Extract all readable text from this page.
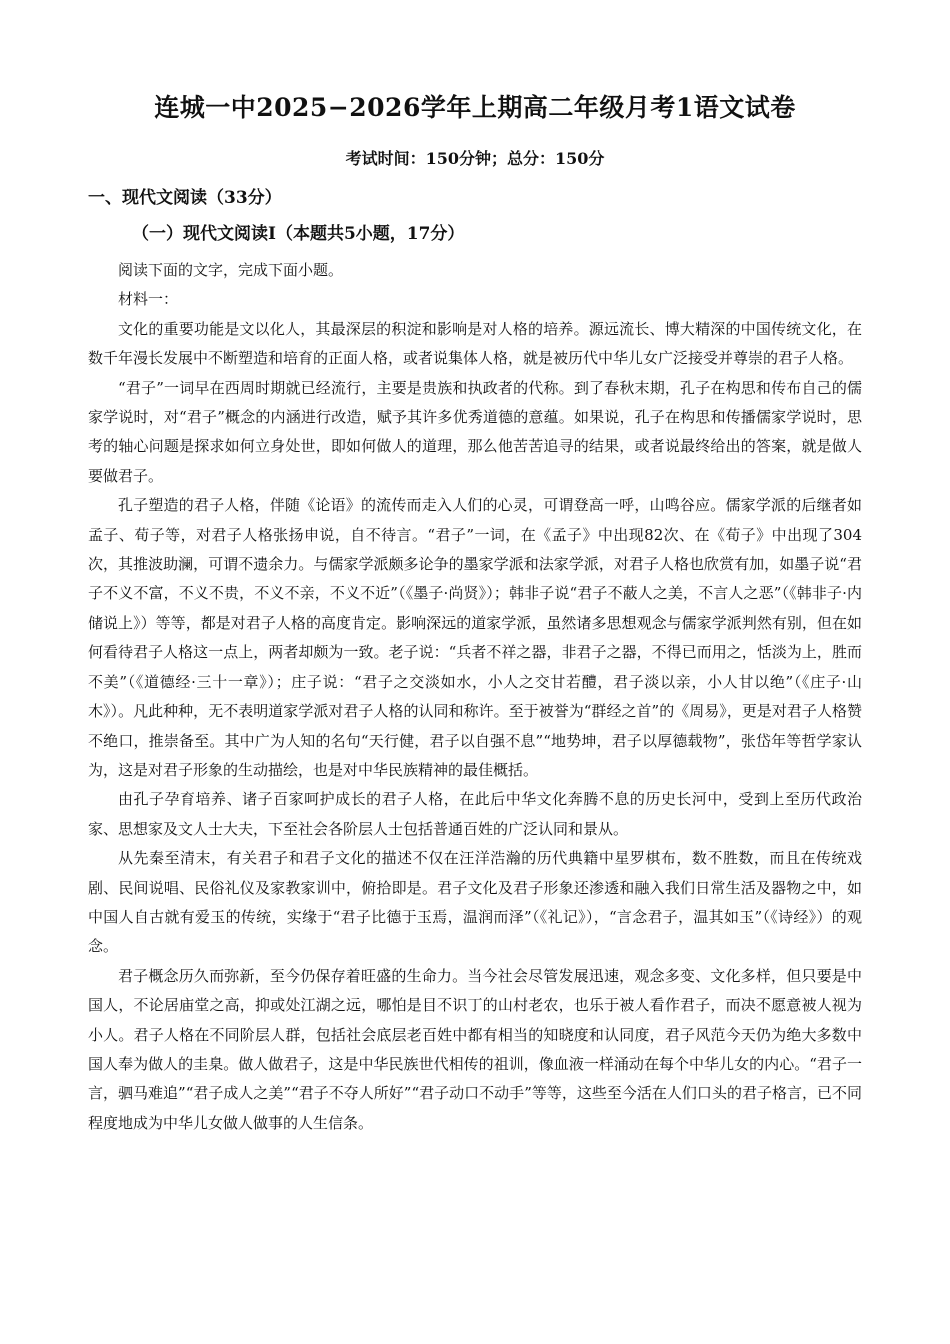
连城一中2025−2026学年上期高二年级月考1语文试卷
考试时间：150分钟；总分：150分
一、现代文阅读（33分）
（一）现代文阅读I（本题共5小题，17分）

阅读下面的文字，完成下面小题。

材料一：

文化的重要功能是文以化人，其最深层的积淀和影响是对人格的培养。源远流长、博大精深的中国传统文化，在数千年漫长发展中不断塑造和培育的正面人格，或者说集体人格，就是被历代中华儿女广泛接受并尊崇的君子人格。

“君子”一词早在西周时期就已经流行，主要是贵族和执政者的代称。到了春秋末期，孔子在构思和传布自己的儒家学说时，对“君子”概念的内涵进行改造，赋予其许多优秀道德的意蕴。如果说，孔子在构思和传播儒家学说时，思考的轴心问题是探求如何立身处世，即如何做人的道理，那么他苦苦追寻的结果，或者说最终给出的答案，就是做人要做君子。

孔子塑造的君子人格，伴随《论语》的流传而走入人们的心灵，可谓登高一呼，山鸣谷应。儒家学派的后继者如孟子、荀子等，对君子人格张扬申说，自不待言。“君子”一词，在《孟子》中出现82次、在《荀子》中出现了304次，其推波助澜，可谓不遗余力。与儒家学派颇多论争的墨家学派和法家学派，对君子人格也欣赏有加，如墨子说“君子不义不富，不义不贵，不义不亲，不义不近”（《墨子·尚贤》）；韩非子说“君子不蔽人之美，不言人之恶”（《韩非子·内储说上》）等等，都是对君子人格的高度肯定。影响深远的道家学派，虽然诸多思想观念与儒家学派判然有别，但在如何看待君子人格这一点上，两者却颇为一致。老子说：“兵者不祥之器，非君子之器，不得已而用之，恬淡为上，胜而不美”（《道德经·三十一章》）；庄子说：“君子之交淡如水，小人之交甘若醴，君子淡以亲，小人甘以绝”（《庄子·山木》）。凡此种种，无不表明道家学派对君子人格的认同和称许。至于被誉为“群经之首”的《周易》，更是对君子人格赞不绝口，推崇备至。其中广为人知的名句“天行健，君子以自强不息”“地势坤，君子以厚德载物”，张岱年等哲学家认为，这是对君子形象的生动描绘，也是对中华民族精神的最佳概括。

由孔子孕育培养、诸子百家呵护成长的君子人格，在此后中华文化奔腾不息的历史长河中，受到上至历代政治家、思想家及文人士大夫，下至社会各阶层人士包括普通百姓的广泛认同和景从。

从先秦至清末，有关君子和君子文化的描述不仅在汪洋浩瀚的历代典籍中星罗棋布，数不胜数，而且在传统戏剧、民间说唱、民俗礼仪及家教家训中，俯拾即是。君子文化及君子形象还渗透和融入我们日常生活及器物之中，如中国人自古就有爱玉的传统，实缘于“君子比德于玉焉，温润而泽”（《礼记》），“言念君子，温其如玉”（《诗经》）的观念。

君子概念历久而弥新，至今仍保存着旺盛的生命力。当今社会尽管发展迅速，观念多变、文化多样，但只要是中国人，不论居庙堂之高，抑或处江湖之远，哪怕是目不识丁的山村老农，也乐于被人看作君子，而决不愿意被人视为小人。君子人格在不同阶层人群，包括社会底层老百姓中都有相当的知晓度和认同度，君子风范今天仍为绝大多数中国人奉为做人的圭臬。做人做君子，这是中华民族世代相传的祖训，像血液一样涌动在每个中华儿女的内心。“君子一言，驷马难追”“君子成人之美”“君子不夺人所好”“君子动口不动手”等等，这些至今活在人们口头的君子格言，已不同程度地成为中华儿女做人做事的人生信条。
